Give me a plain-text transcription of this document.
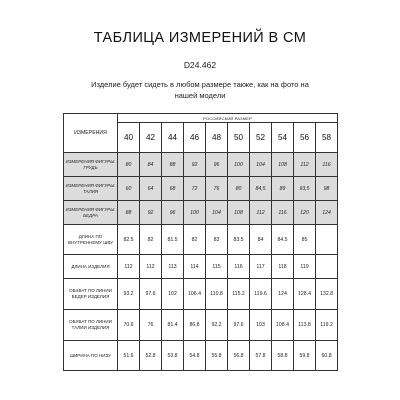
ТАБЛИЦА ИЗМЕРЕНИЙ В СМ
D24.462
Изделие будет сидеть в любом размере также, как на фото на нашей модели
ИЗМЕРЕНИЯ	РОССИЙСКИЙ РАЗМЕР									
	40	42	44	46	48	50	52	54	56	58
ИЗМЕРЕНИЯ ФИГУРЫ: ГРУДЬ	80	84	88	92	96	100	104	108	112	116
ИЗМЕРЕНИЯ ФИГУРЫ: ТАЛИЯ	60	64	68	72	76	80	84,5	89	93,5	98
ИЗМЕРЕНИЯ ФИГУРЫ: БЕДРА	88	92	96	100	104	108	112	116	120	124
ДЛИНА ПО ВНУТРЕННЕМУ ШВУ	82.5	82	81.5	82	83	83.5	84	84.5	85	
ДЛИНА ИЗДЕЛИЯ	112	112	113	114	115	116	117	118	119	
ОБХВАТ ПО ЛИНИИ БЕДЕР ИЗДЕЛИЯ	93.2	97.6	102	106.4	110.8	115.2	119.6	124	128.4	132.8
ОБХВАТ ПО ЛИНИИ ТАЛИИ ИЗДЕЛИЯ	70.6	76	81.4	86.8	92.2	97.6	103	108.4	113.8	119.2
ШИРИНА ПО НИЗУ	51.6	52.8	53.8	54.8	55.8	56.8	57.8	58.8	59.8	60.8
